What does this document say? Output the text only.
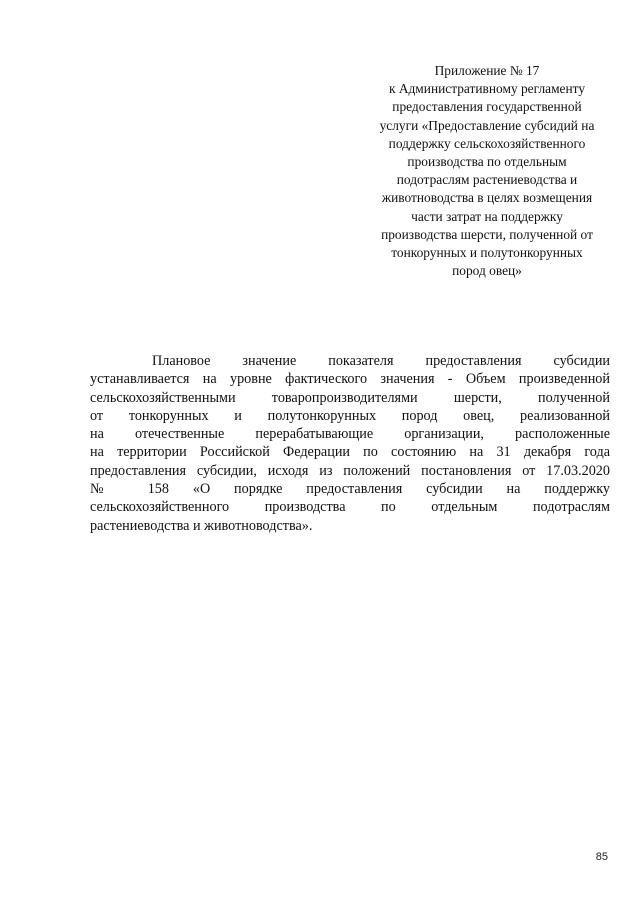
Приложение № 17
к Административному регламенту
предоставления государственной
услуги «Предоставление субсидий на
поддержку сельскохозяйственного
производства по отдельным
подотраслям растениеводства и
животноводства в целях возмещения
части затрат на поддержку
производства шерсти, полученной от
тонкорунных и полутонкорунных
пород овец»
Плановое значение показателя предоставления субсидии
устанавливается на уровне фактического значения - Объем произведенной
сельскохозяйственными товаропроизводителями шерсти, полученной
от тонкорунных и полутонкорунных пород овец, реализованной
на отечественные перерабатывающие организации, расположенные
на территории Российской Федерации по состоянию на 31 декабря года
предоставления субсидии, исходя из положений постановления от 17.03.2020
№ 158 «О порядке предоставления субсидии на поддержку
сельскохозяйственного производства по отдельным подотраслям
растениеводства и животноводства».
85
